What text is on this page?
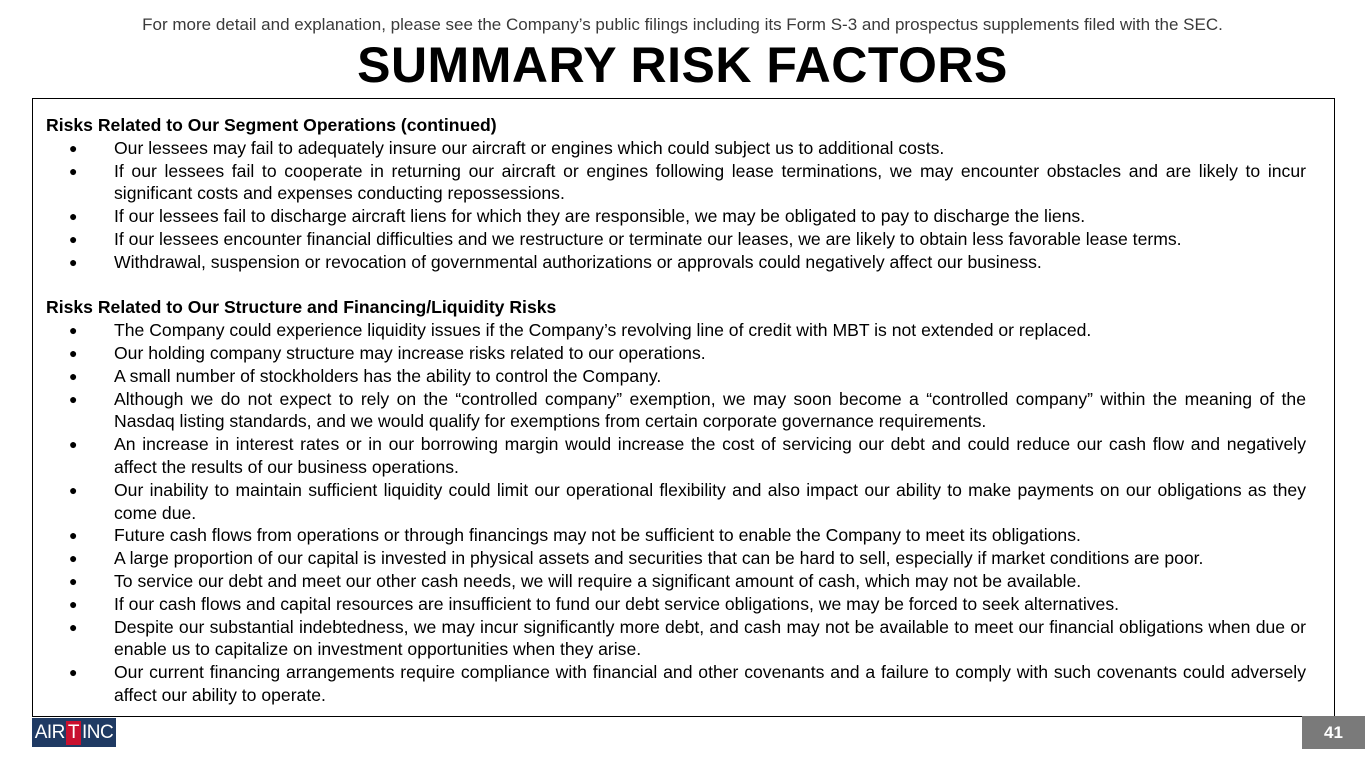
For more detail and explanation, please see the Company’s public filings including its Form S-3 and prospectus supplements filed with the SEC.
SUMMARY RISK FACTORS
Risks Related to Our Segment Operations (continued)
● Our lessees may fail to adequately insure our aircraft or engines which could subject us to additional costs.
● If our lessees fail to cooperate in returning our aircraft or engines following lease terminations, we may encounter obstacles and are likely to incur significant costs and expenses conducting repossessions.
● If our lessees fail to discharge aircraft liens for which they are responsible, we may be obligated to pay to discharge the liens.
● If our lessees encounter financial difficulties and we restructure or terminate our leases, we are likely to obtain less favorable lease terms.
● Withdrawal, suspension or revocation of governmental authorizations or approvals could negatively affect our business.
Risks Related to Our Structure and Financing/Liquidity Risks
● The Company could experience liquidity issues if the Company’s revolving line of credit with MBT is not extended or replaced.
● Our holding company structure may increase risks related to our operations.
● A small number of stockholders has the ability to control the Company.
● Although we do not expect to rely on the “controlled company” exemption, we may soon become a “controlled company” within the meaning of the Nasdaq listing standards, and we would qualify for exemptions from certain corporate governance requirements.
● An increase in interest rates or in our borrowing margin would increase the cost of servicing our debt and could reduce our cash flow and negatively affect the results of our business operations.
● Our inability to maintain sufficient liquidity could limit our operational flexibility and also impact our ability to make payments on our obligations as they come due.
● Future cash flows from operations or through financings may not be sufficient to enable the Company to meet its obligations.
● A large proportion of our capital is invested in physical assets and securities that can be hard to sell, especially if market conditions are poor.
● To service our debt and meet our other cash needs, we will require a significant amount of cash, which may not be available.
● If our cash flows and capital resources are insufficient to fund our debt service obligations, we may be forced to seek alternatives.
● Despite our substantial indebtedness, we may incur significantly more debt, and cash may not be available to meet our financial obligations when due or enable us to capitalize on investment opportunities when they arise.
● Our current financing arrangements require compliance with financial and other covenants and a failure to comply with such covenants could adversely affect our ability to operate.
AIR T INC	41
